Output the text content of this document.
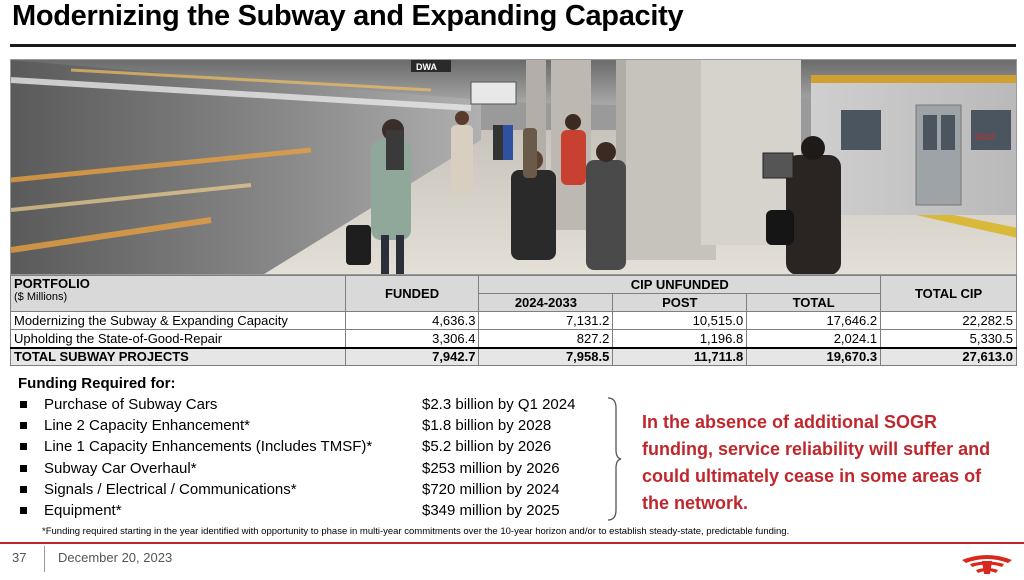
Modernizing the Subway and Expanding Capacity
5933
DWA
PORTFOLIO
($ Millions)	FUNDED	CIP UNFUNDED			TOTAL CIP
		2024-2033	POST	TOTAL	
Modernizing the Subway & Expanding Capacity	4,636.3	7,131.2	10,515.0	17,646.2	22,282.5
Upholding the State-of-Good-Repair	3,306.4	827.2	1,196.8	2,024.1	5,330.5
TOTAL SUBWAY PROJECTS	7,942.7	7,958.5	11,711.8	19,670.3	27,613.0
Funding Required for:
Purchase of Subway Cars	$2.3 billion by Q1 2024
Line 2 Capacity Enhancement*	$1.8 billion by 2028
Line 1 Capacity Enhancements (Includes TMSF)*	$5.2 billion by 2026
Subway Car Overhaul*	$253 million by 2026
Signals / Electrical / Communications*	$720 million by 2024
Equipment*	$349 million by 2025
In the absence of additional SOGR funding, service reliability will suffer and could ultimately cease in some areas of the network.
*Funding required starting in the year identified with opportunity to phase in multi-year commitments over the 10-year horizon and/or to establish steady-state, predictable funding.
37 December 20, 2023
